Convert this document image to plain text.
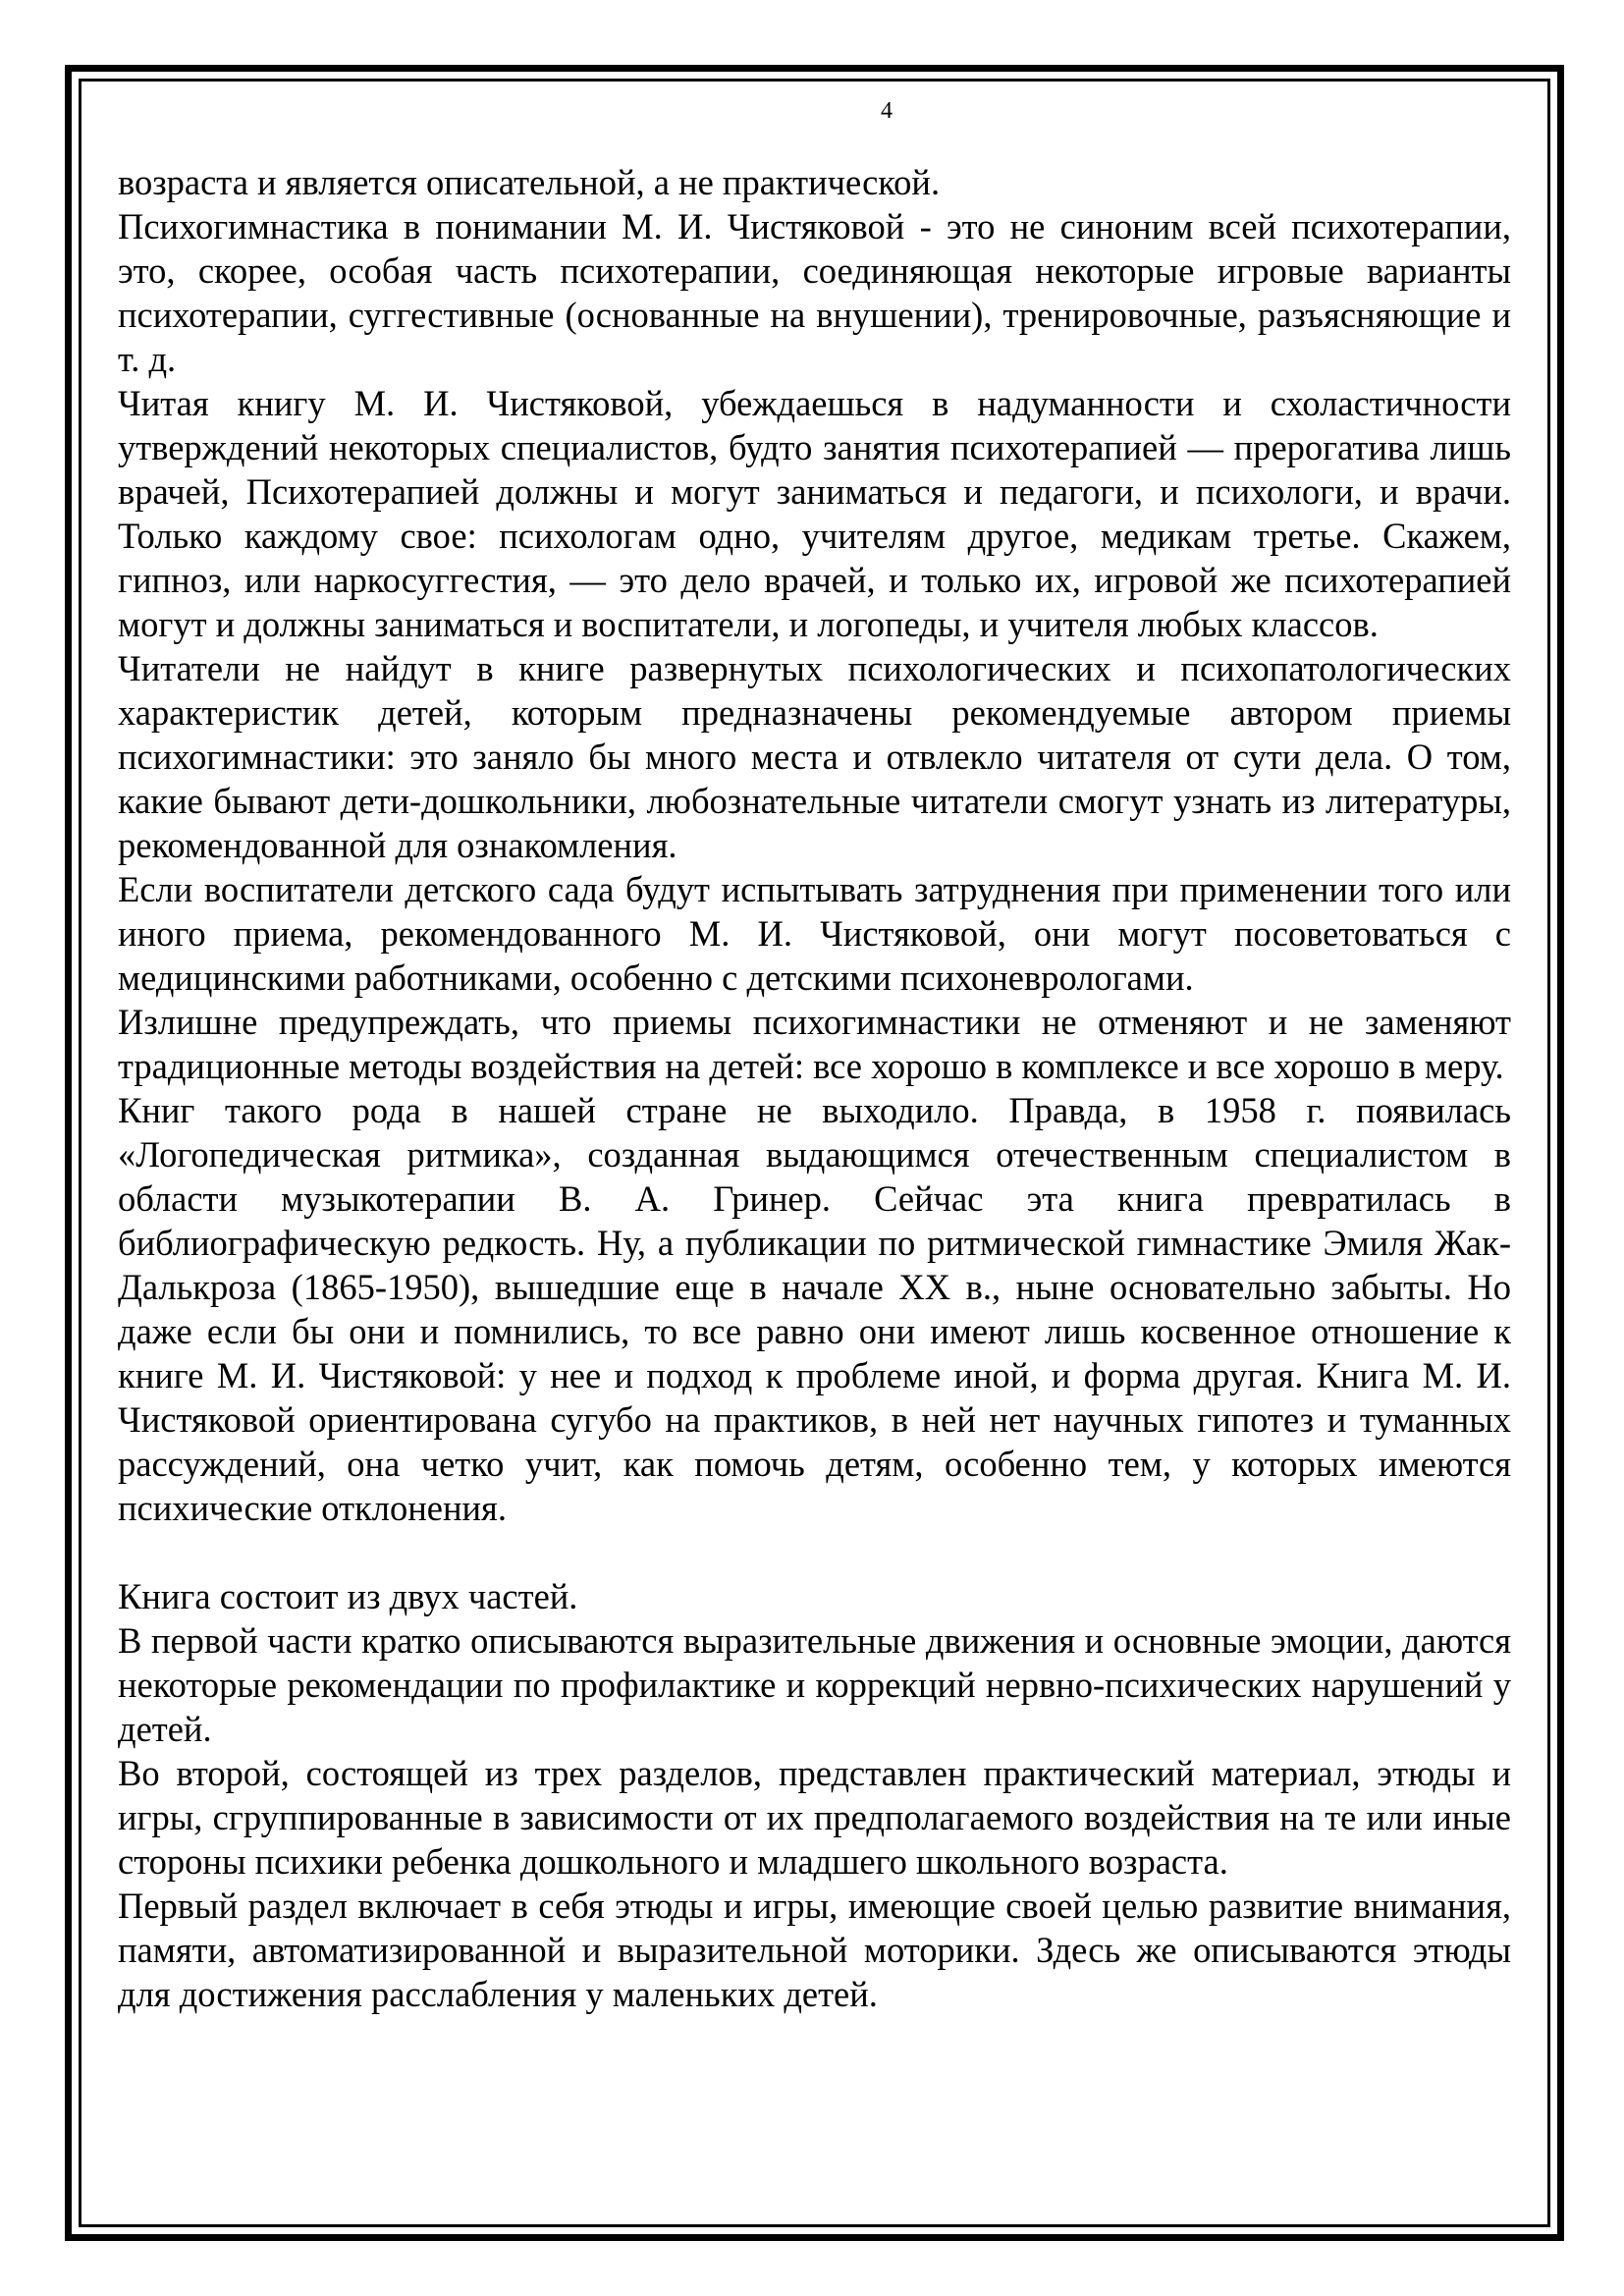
4

возраста и является описательной, а не практической.

Психогимнастика в понимании М. И. Чистяковой - это не синоним всей психотерапии, это, скорее, особая часть психотерапии, соединяющая некоторые игровые варианты психотерапии, суггестивные (основанные на внушении), тренировочные, разъясняющие и т. д.

Читая книгу М. И. Чистяковой, убеждаешься в надуманности и схоластичности утверждений некоторых специалистов, будто занятия психотерапией — прерогатива лишь врачей, Психотерапией должны и могут заниматься и педагоги, и психологи, и врачи. Только каждому свое: психологам одно, учителям другое, медикам третье. Скажем, гипноз, или наркосуггестия, — это дело врачей, и только их, игровой же психотерапией могут и должны заниматься и воспитатели, и логопеды, и учителя любых классов.

Читатели не найдут в книге развернутых психологических и психопатологических характеристик детей, которым предназначены рекомендуемые автором приемы психогимнастики: это заняло бы много места и отвлекло читателя от сути дела. О том, какие бывают дети-дошкольники, любознательные читатели смогут узнать из литературы, рекомендованной для ознакомления.

Если воспитатели детского сада будут испытывать затруднения при применении того или иного приема, рекомендованного М. И. Чистяковой, они могут посоветоваться с медицинскими работниками, особенно с детскими психоневрологами.

Излишне предупреждать, что приемы психогимнастики не отменяют и не заменяют традиционные методы воздействия на детей: все хорошо в комплексе и все хорошо в меру.

Книг такого рода в нашей стране не выходило. Правда, в 1958 г. появилась «Логопедическая ритмика», созданная выдающимся отечественным специалистом в области музыкотерапии В. А. Гринер. Сейчас эта книга превратилась в библиографическую редкость. Ну, а публикации по ритмической гимнастике Эмиля Жак-Далькроза (1865-1950), вышедшие еще в начале XX в., ныне основательно забыты. Но даже если бы они и помнились, то все равно они имеют лишь косвенное отношение к книге М. И. Чистяковой: у нее и подход к проблеме иной, и форма другая. Книга М. И. Чистяковой ориентирована сугубо на практиков, в ней нет научных гипотез и туманных рассуждений, она четко учит, как помочь детям, особенно тем, у которых имеются психические отклонения.

Книга состоит из двух частей.

В первой части кратко описываются выразительные движения и основные эмоции, даются некоторые рекомендации по профилактике и коррекций нервно-психических нарушений у детей.

Во второй, состоящей из трех разделов, представлен практический материал, этюды и игры, сгруппированные в зависимости от их предполагаемого воздействия на те или иные стороны психики ребенка дошкольного и младшего школьного возраста.

Первый раздел включает в себя этюды и игры, имеющие своей целью развитие внимания, памяти, автоматизированной и выразительной моторики. Здесь же описываются этюды для достижения расслабления у маленьких детей.
